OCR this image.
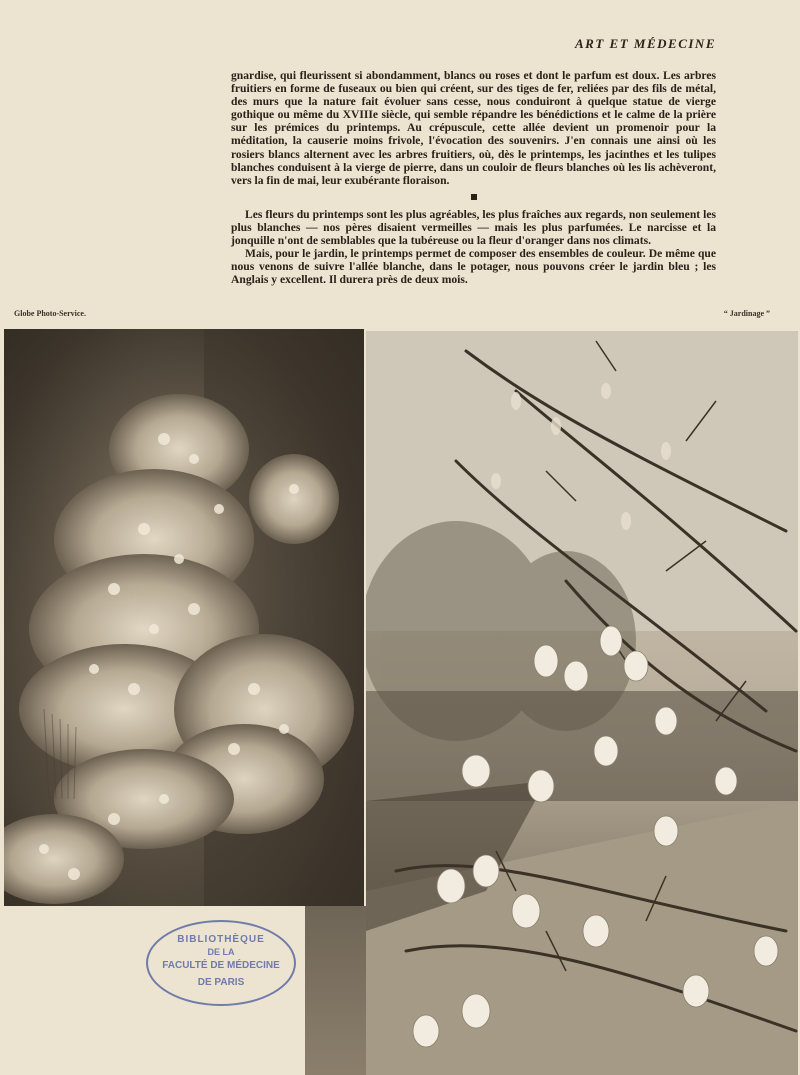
ART ET MÉDECINE

gnardise, qui fleurissent si abondamment, blancs ou roses et dont le parfum est doux. Les arbres fruitiers en forme de fuseaux ou bien qui créent, sur des tiges de fer, reliées par des fils de métal, des murs que la nature fait évoluer sans cesse, nous conduiront à quelque statue de vierge gothique ou même du XVIIIe siècle, qui semble répandre les bénédictions et le calme de la prière sur les prémices du printemps. Au crépuscule, cette allée devient un promenoir pour la méditation, la causerie moins frivole, l'évocation des souvenirs. J'en connais une ainsi où les rosiers blancs alternent avec les arbres fruitiers, où, dès le printemps, les jacinthes et les tulipes blanches conduisent à la vierge de pierre, dans un couloir de fleurs blanches où les lis achèveront, vers la fin de mai, leur exubérante floraison.

Les fleurs du printemps sont les plus agréables, les plus fraîches aux regards, non seulement les plus blanches — nos pères disaient vermeilles — mais les plus parfumées. Le narcisse et la jonquille n'ont de semblables que la tubéreuse ou la fleur d'oranger dans nos climats.

Mais, pour le jardin, le printemps permet de composer des ensembles de couleur. De même que nous venons de suivre l'allée blanche, dans le potager, nous pouvons créer le jardin bleu ; les Anglais y excellent. Il durera près de deux mois.

Globe Photo-Service.	“ Jardinage ”
BIBLIOTHÈQUE
DE LA
FACULTÉ DE MÉDECINE
DE PARIS
